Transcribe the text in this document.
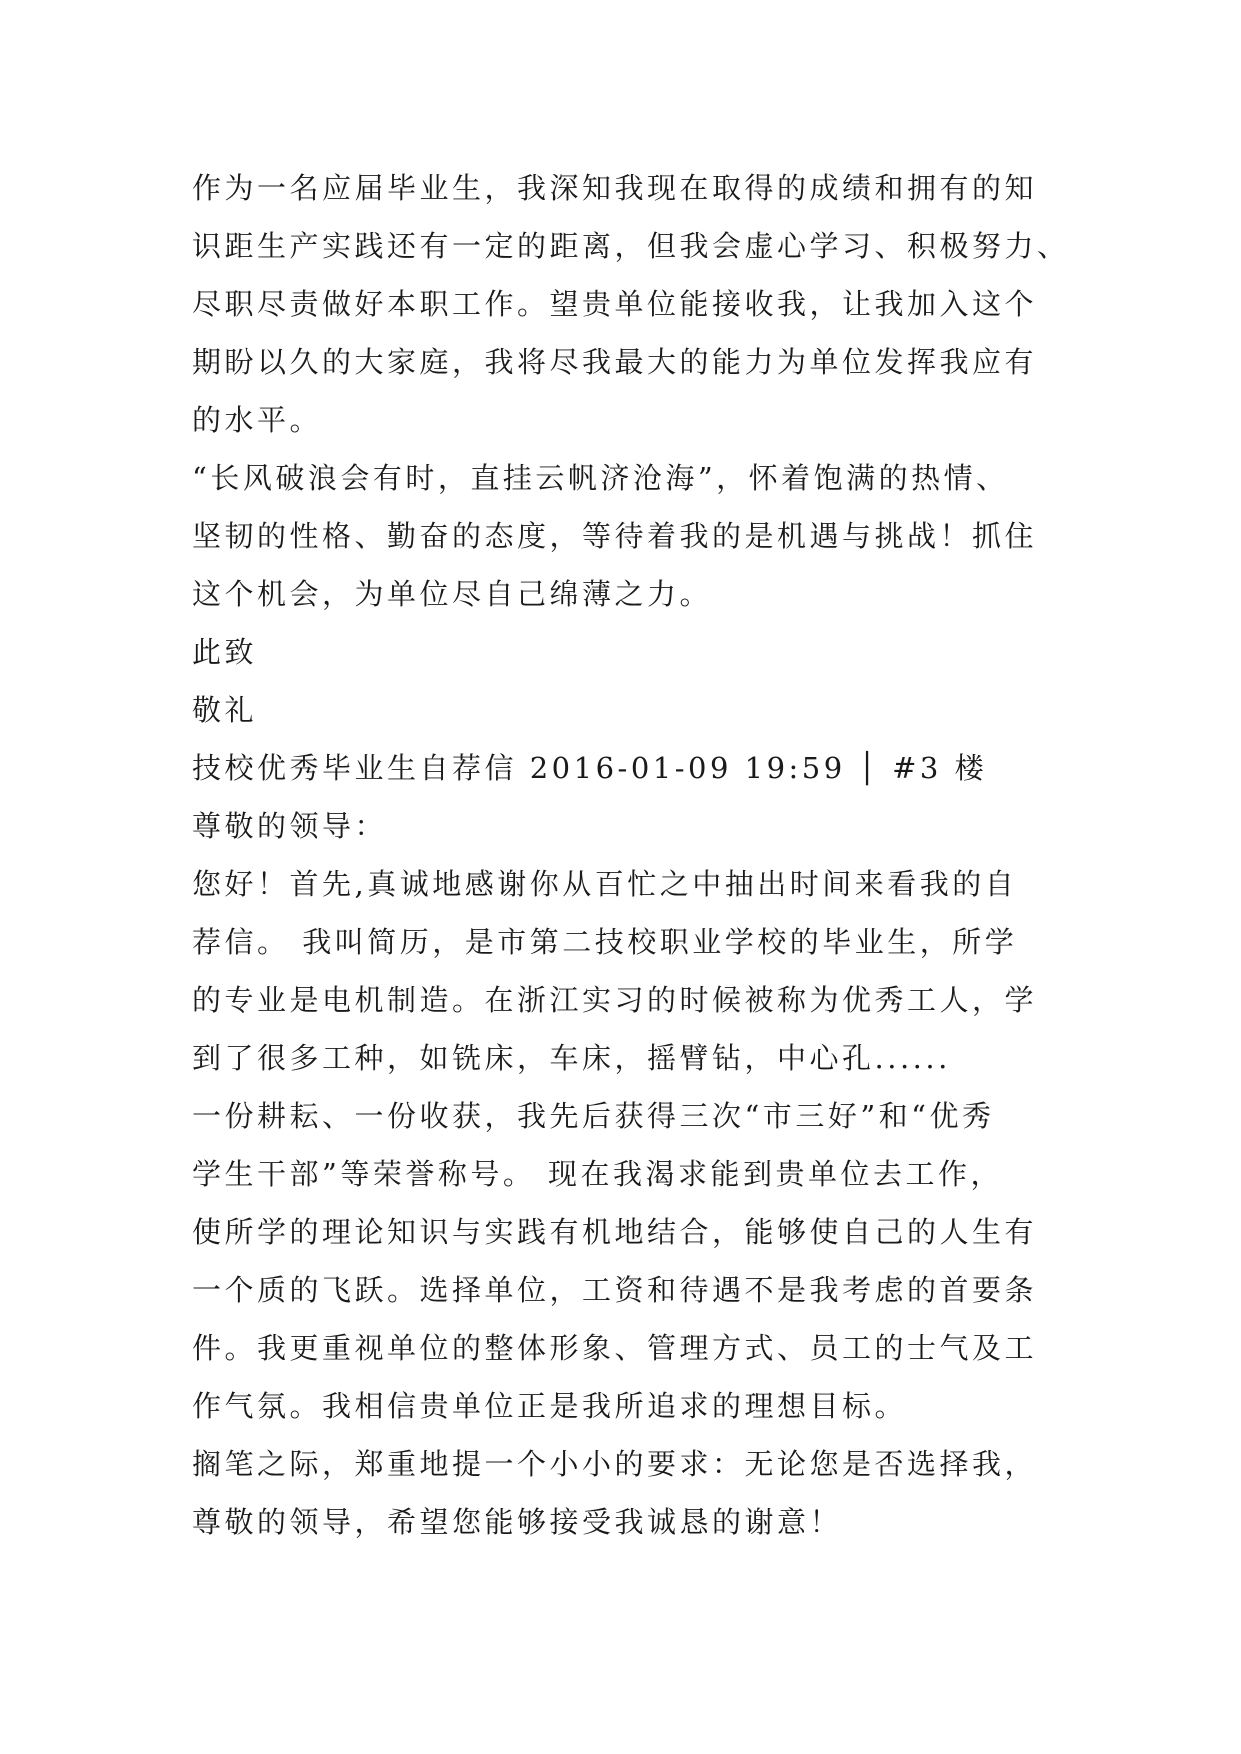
作为一名应届毕业生，我深知我现在取得的成绩和拥有的知
识距生产实践还有一定的距离，但我会虚心学习、积极努力、
尽职尽责做好本职工作。望贵单位能接收我，让我加入这个
期盼以久的大家庭，我将尽我最大的能力为单位发挥我应有
的水平。
“长风破浪会有时，直挂云帆济沧海”，怀着饱满的热情、
坚韧的性格、勤奋的态度，等待着我的是机遇与挑战！抓住
这个机会，为单位尽自己绵薄之力。
此致
敬礼
技校优秀毕业生自荐信 2016-01-09 19:59 │ #3 楼
尊敬的领导：
您好！首先,真诚地感谢你从百忙之中抽出时间来看我的自
荐信。 我叫简历，是市第二技校职业学校的毕业生，所学
的专业是电机制造。在浙江实习的时候被称为优秀工人，学
到了很多工种，如铣床，车床，摇臂钻，中心孔......
一份耕耘、一份收获，我先后获得三次“市三好”和“优秀
学生干部”等荣誉称号。 现在我渴求能到贵单位去工作，
使所学的理论知识与实践有机地结合，能够使自己的人生有
一个质的飞跃。选择单位，工资和待遇不是我考虑的首要条
件。我更重视单位的整体形象、管理方式、员工的士气及工
作气氛。我相信贵单位正是我所追求的理想目标。
搁笔之际，郑重地提一个小小的要求：无论您是否选择我，
尊敬的领导，希望您能够接受我诚恳的谢意！
